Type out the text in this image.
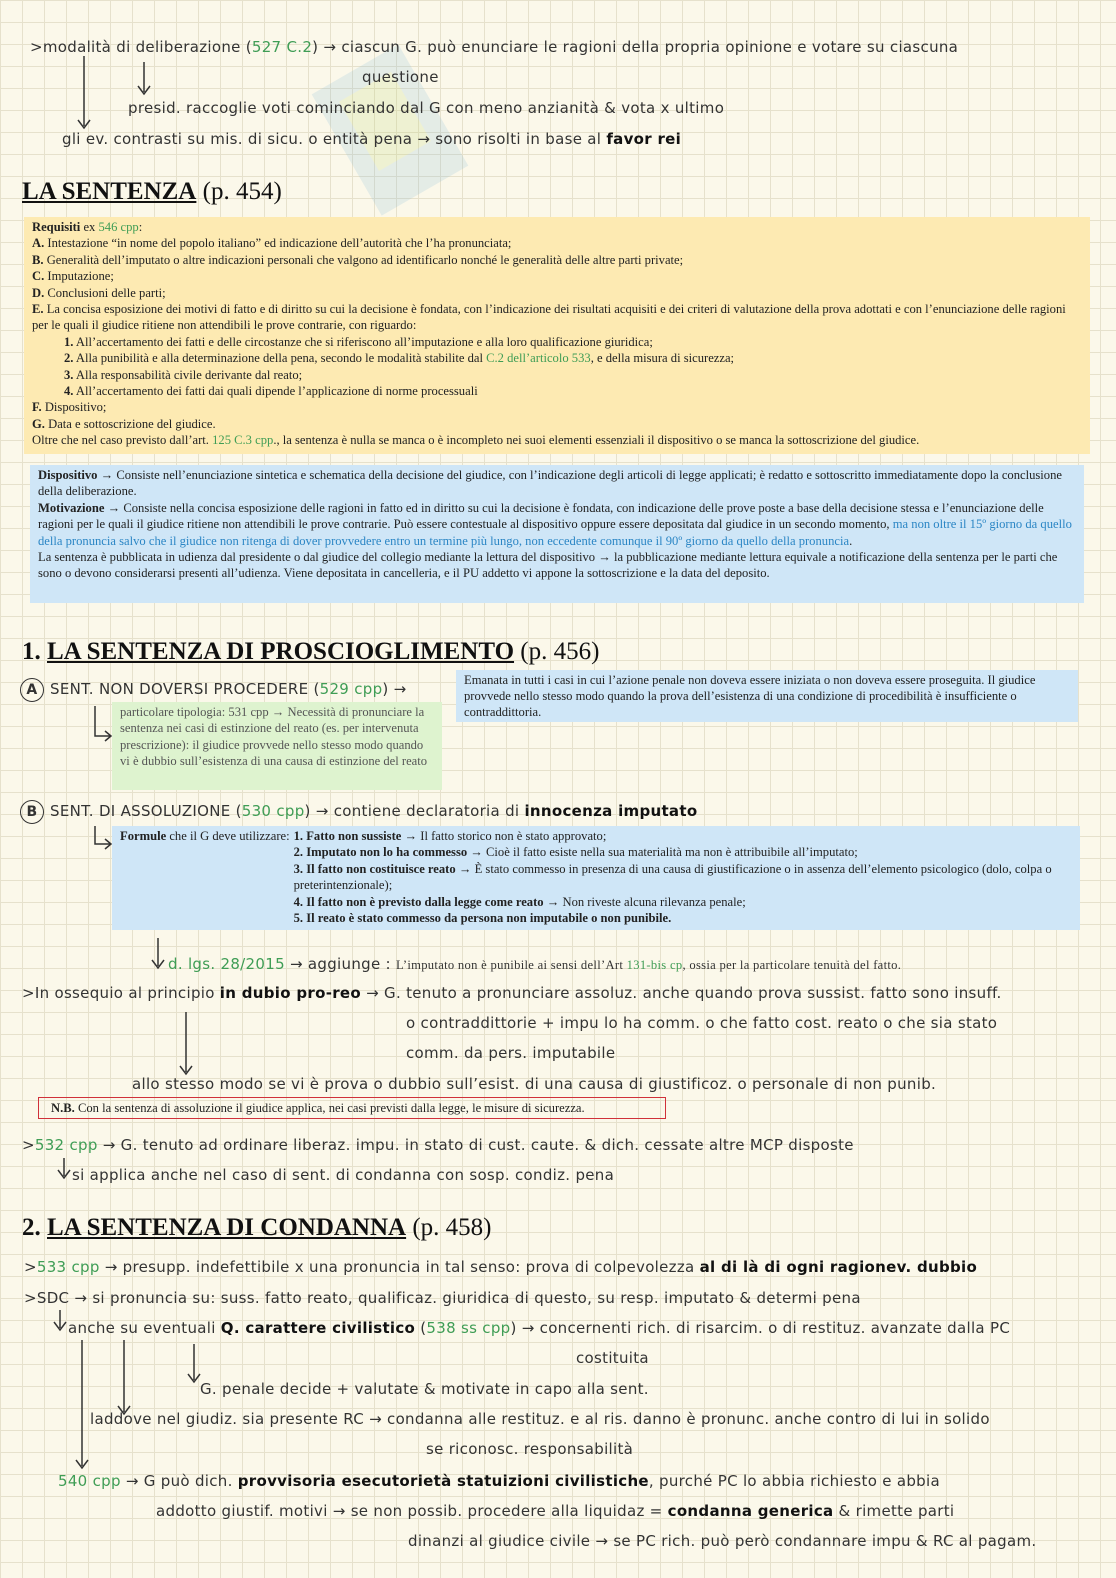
>modalità di deliberazione (527 C.2) → ciascun G. può enunciare le ragioni della propria opinione e votare su ciascuna
questione
presid. raccoglie voti cominciando dal G con meno anzianità & vota x ultimo
gli ev. contrasti su mis. di sicu. o entità pena → sono risolti in base al favor rei
LA SENTENZA (p. 454)
Requisiti ex 546 cpp:
A. Intestazione “in nome del popolo italiano” ed indicazione dell’autorità che l’ha pronunciata;
B. Generalità dell’imputato o altre indicazioni personali che valgono ad identificarlo nonché le generalità delle altre parti private;
C. Imputazione;
D. Conclusioni delle parti;
E. La concisa esposizione dei motivi di fatto e di diritto su cui la decisione è fondata, con l’indicazione dei risultati acquisiti e dei criteri di valutazione della prova adottati e con l’enunciazione delle ragioni per le quali il giudice ritiene non attendibili le prove contrarie, con riguardo:
1. All’accertamento dei fatti e delle circostanze che si riferiscono all’imputazione e alla loro qualificazione giuridica;
2. Alla punibilità e alla determinazione della pena, secondo le modalità stabilite dal C.2 dell’articolo 533, e della misura di sicurezza;
3. Alla responsabilità civile derivante dal reato;
4. All’accertamento dei fatti dai quali dipende l’applicazione di norme processuali
F. Dispositivo;
G. Data e sottoscrizione del giudice.
Oltre che nel caso previsto dall’art. 125 C.3 cpp., la sentenza è nulla se manca o è incompleto nei suoi elementi essenziali il dispositivo o se manca la sottoscrizione del giudice.
Dispositivo → Consiste nell’enunciazione sintetica e schematica della decisione del giudice, con l’indicazione degli articoli di legge applicati; è redatto e sottoscritto immediatamente dopo la conclusione della deliberazione.
Motivazione → Consiste nella concisa esposizione delle ragioni in fatto ed in diritto su cui la decisione è fondata, con indicazione delle prove poste a base della decisione stessa e l’enunciazione delle ragioni per le quali il giudice ritiene non attendibili le prove contrarie. Può essere contestuale al dispositivo oppure essere depositata dal giudice in un secondo momento, ma non oltre il 15º giorno da quello della pronuncia salvo che il giudice non ritenga di dover provvedere entro un termine più lungo, non eccedente comunque il 90º giorno da quello della pronuncia.
La sentenza è pubblicata in udienza dal presidente o dal giudice del collegio mediante la lettura del dispositivo → la pubblicazione mediante lettura equivale a notificazione della sentenza per le parti che sono o devono considerarsi presenti all’udienza. Viene depositata in cancelleria, e il PU addetto vi appone la sottoscrizione e la data del deposito.
1. LA SENTENZA DI PROSCIOGLIMENTO (p. 456)
A SENT. NON DOVERSI PROCEDERE (529 cpp) →	Emanata in tutti i casi in cui l’azione penale non doveva essere iniziata o non doveva essere proseguita. Il giudice provvede nello stesso modo quando la prova dell’esistenza di una condizione di procedibilità è insufficiente o contraddittoria.
particolare tipologia: 531 cpp → Necessità di pronunciare la sentenza nei casi di estinzione del reato (es. per intervenuta prescrizione): il giudice provvede nello stesso modo quando vi è dubbio sull’esistenza di una causa di estinzione del reato
B SENT. DI ASSOLUZIONE (530 cpp) → contiene declaratoria di innocenza imputato
Formule che il G deve utilizzare: 1. Fatto non sussiste → Il fatto storico non è stato approvato;
2. Imputato non lo ha commesso → Cioè il fatto esiste nella sua materialità ma non è attribuibile all’imputato;
3. Il fatto non costituisce reato → È stato commesso in presenza di una causa di giustificazione o in assenza dell’elemento psicologico (dolo, colpa o preterintenzionale);
4. Il fatto non è previsto dalla legge come reato → Non riveste alcuna rilevanza penale;
5. Il reato è stato commesso da persona non imputabile o non punibile.
d. lgs. 28/2015 → aggiunge : L’imputato non è punibile ai sensi dell’Art 131-bis cp, ossia per la particolare tenuità del fatto.
>In ossequio al principio in dubio pro-reo → G. tenuto a pronunciare assoluz. anche quando prova sussist. fatto sono insuff.
o contraddittorie + impu lo ha comm. o che fatto cost. reato o che sia stato
comm. da pers. imputabile
allo stesso modo se vi è prova o dubbio sull’esist. di una causa di giustificoz. o personale di non punib.
N.B. Con la sentenza di assoluzione il giudice applica, nei casi previsti dalla legge, le misure di sicurezza.
>532 cpp → G. tenuto ad ordinare liberaz. impu. in stato di cust. caute. & dich. cessate altre MCP disposte
si applica anche nel caso di sent. di condanna con sosp. condiz. pena
2. LA SENTENZA DI CONDANNA (p. 458)
>533 cpp → presupp. indefettibile x una pronuncia in tal senso: prova di colpevolezza al di là di ogni ragionev. dubbio
>SDC → si pronuncia su: suss. fatto reato, qualificaz. giuridica di questo, su resp. imputato & determi pena
anche su eventuali Q. carattere civilistico (538 ss cpp) → concernenti rich. di risarcim. o di restituz. avanzate dalla PC
costituita
G. penale decide + valutate & motivate in capo alla sent.
laddove nel giudiz. sia presente RC → condanna alle restituz. e al ris. danno è pronunc. anche contro di lui in solido
se riconosc. responsabilità
540 cpp → G può dich. provvisoria esecutorietà statuizioni civilistiche, purché PC lo abbia richiesto e abbia
addotto giustif. motivi → se non possib. procedere alla liquidaz = condanna generica & rimette parti
dinanzi al giudice civile → se PC rich. può però condannare impu & RC al pagam.
